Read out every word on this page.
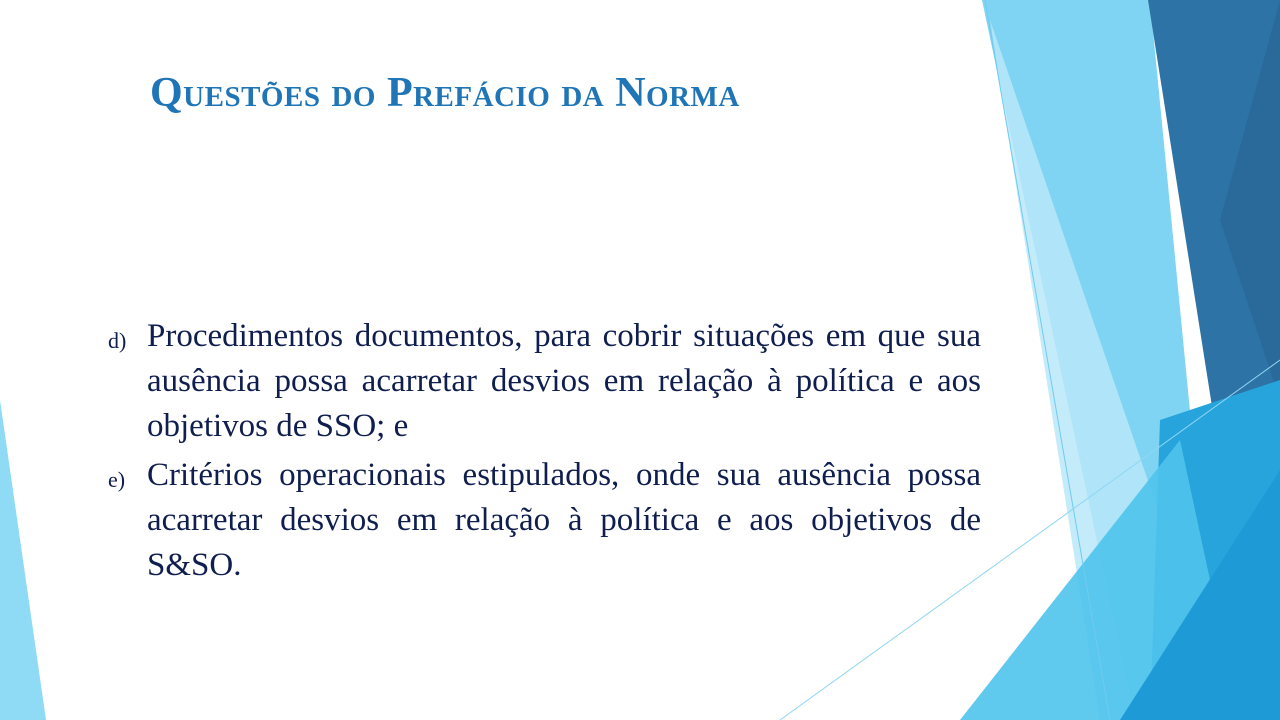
Questões do Prefácio da Norma
d) Procedimentos documentos, para cobrir situações em que sua ausência possa acarretar desvios em relação à política e aos objetivos de SSO; e
e) Critérios operacionais estipulados, onde sua ausência possa acarretar desvios em relação à política e aos objetivos de S&SO.
